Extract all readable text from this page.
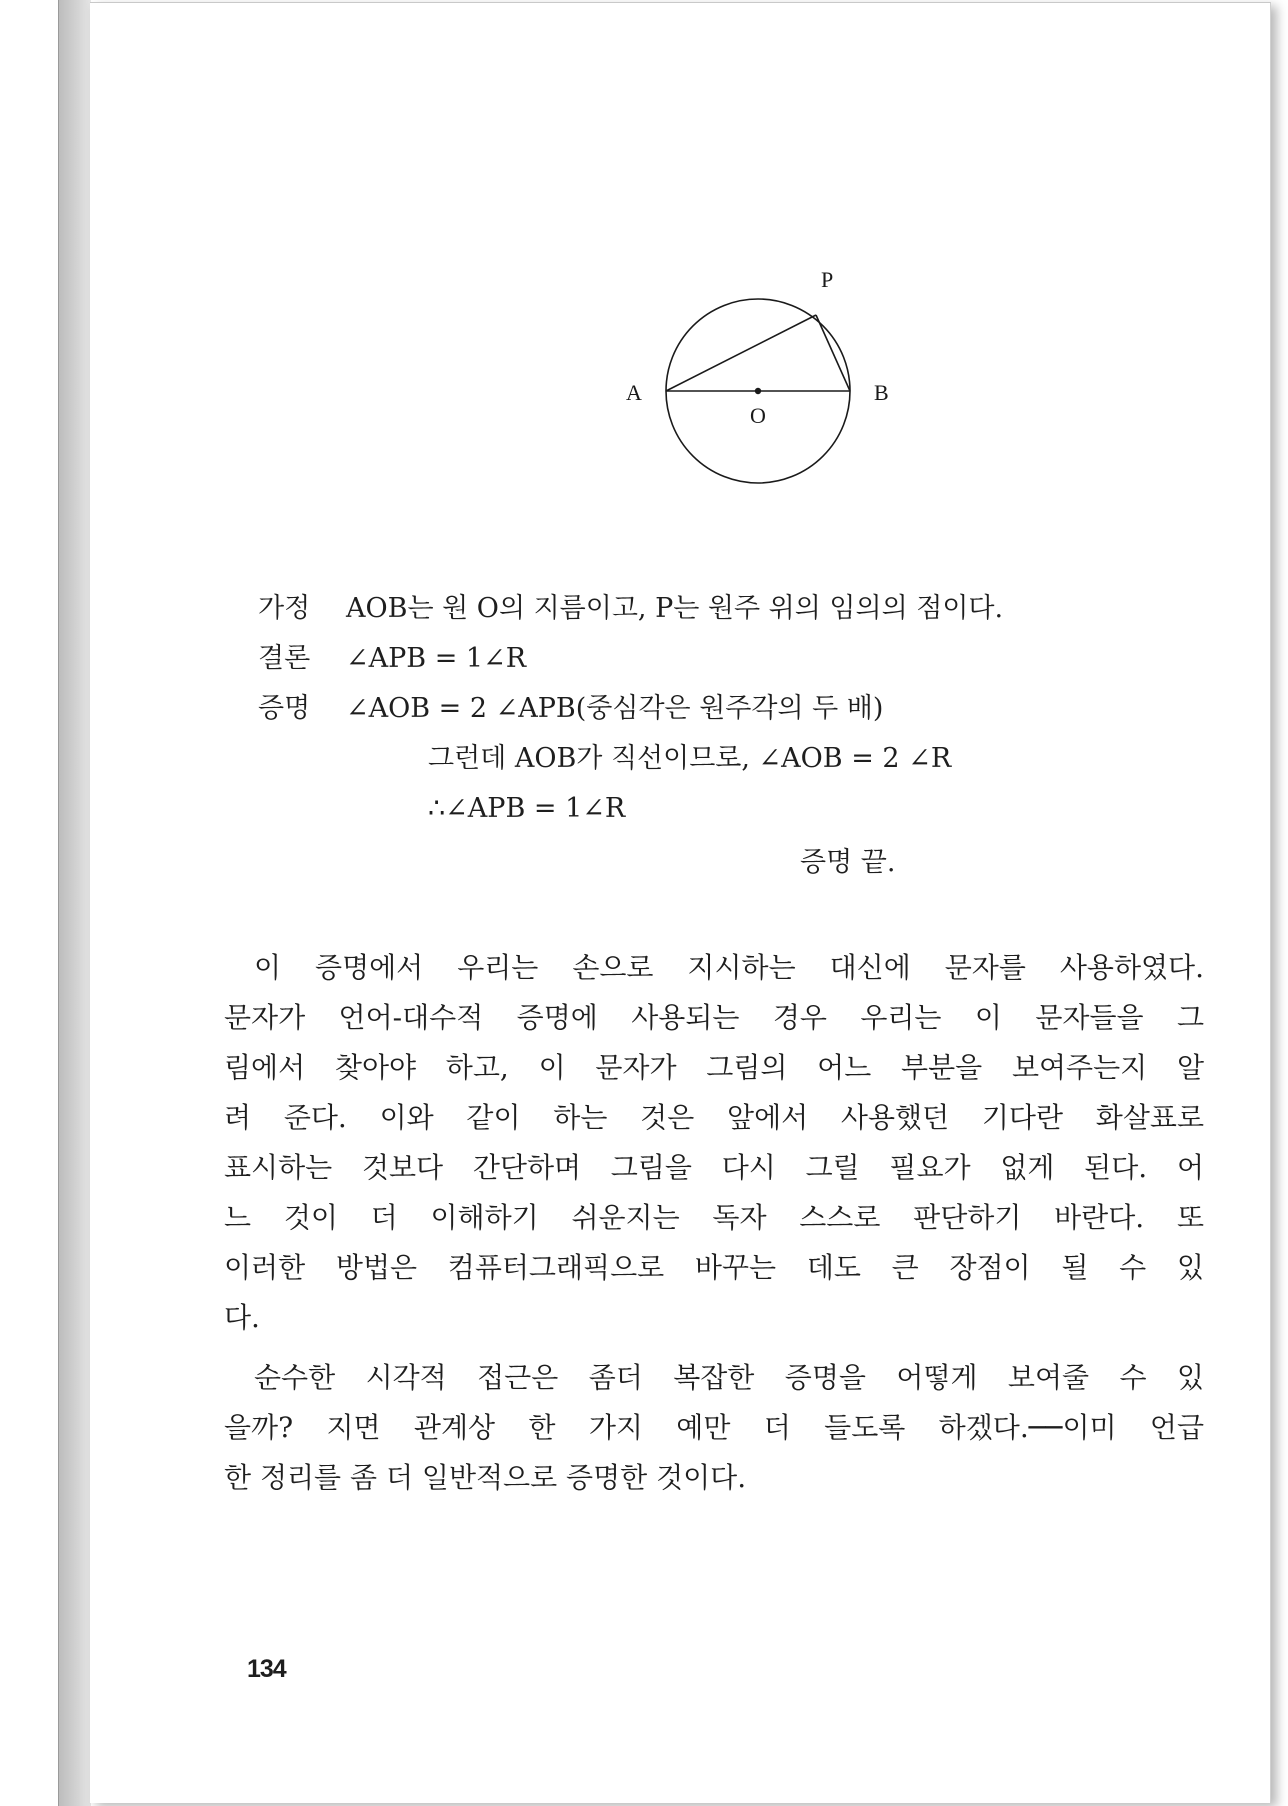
A	B
O
P
가정 AOB는 원 O의 지름이고, P는 원주 위의 임의의 점이다.
결론 ∠APB = 1∠R
증명 ∠AOB = 2 ∠APB(중심각은 원주각의 두 배)
그런데 AOB가 직선이므로, ∠AOB = 2 ∠R
∴∠APB = 1∠R
증명 끝.
이 증명에서 우리는 손으로 지시하는 대신에 문자를 사용하였다.
문자가 언어-대수적 증명에 사용되는 경우 우리는 이 문자들을 그
림에서 찾아야 하고, 이 문자가 그림의 어느 부분을 보여주는지 알
려 준다. 이와 같이 하는 것은 앞에서 사용했던 기다란 화살표로
표시하는 것보다 간단하며 그림을 다시 그릴 필요가 없게 된다. 어
느 것이 더 이해하기 쉬운지는 독자 스스로 판단하기 바란다. 또
이러한 방법은 컴퓨터그래픽으로 바꾸는 데도 큰 장점이 될 수 있
다.
순수한 시각적 접근은 좀더 복잡한 증명을 어떻게 보여줄 수 있
을까? 지면 관계상 한 가지 예만 더 들도록 하겠다.──이미 언급
한 정리를 좀 더 일반적으로 증명한 것이다.
134
